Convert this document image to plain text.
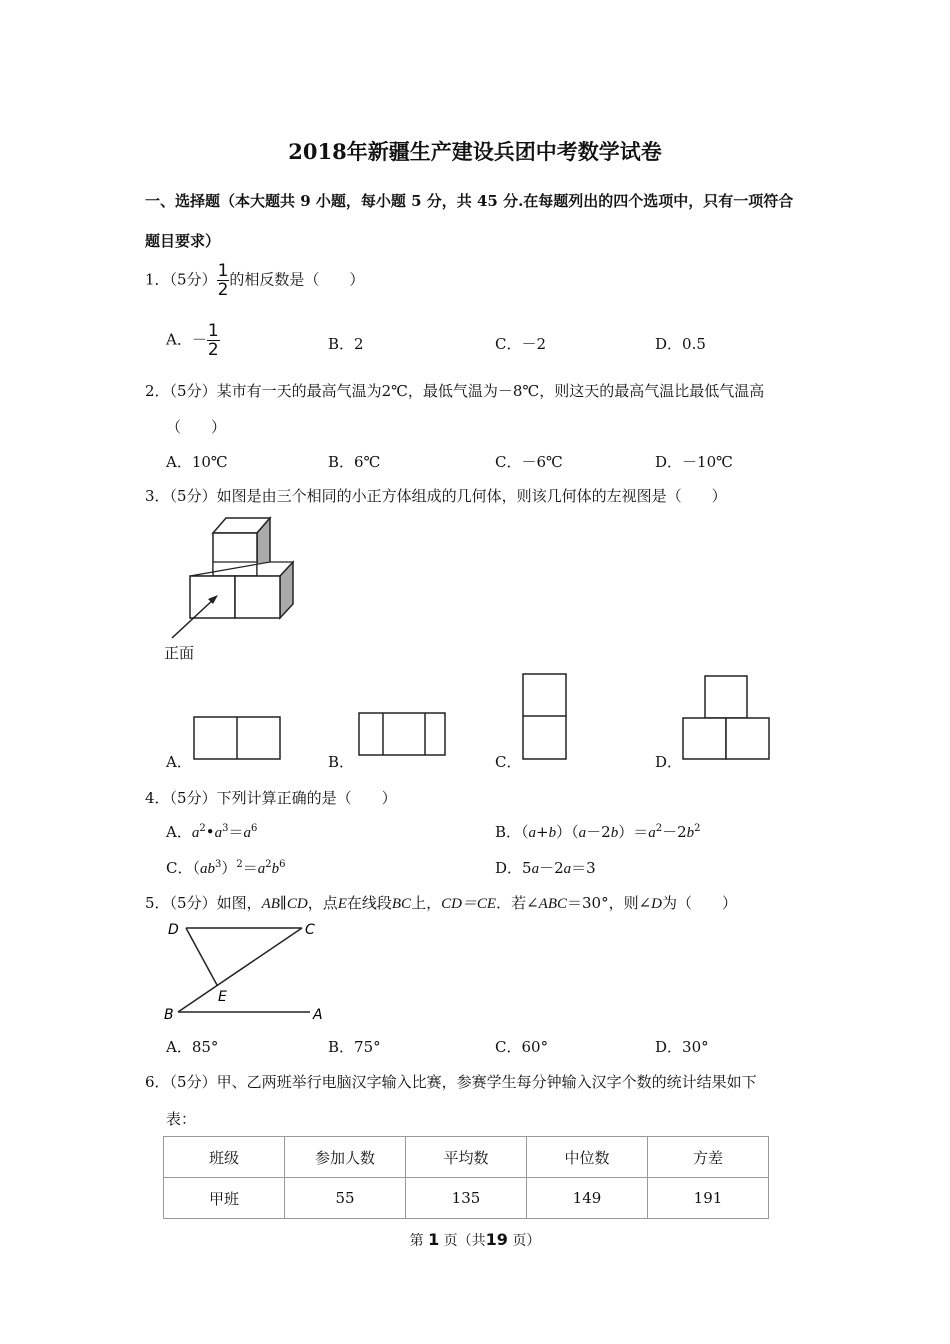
2018年新疆生产建设兵团中考数学试卷
一、选择题（本大题共 9 小题，每小题 5 分，共 45 分.在每题列出的四个选项中，只有一项符合
题目要求）
1．（5分） $\frac{1}{2}$ 的相反数是（　　）
A．－ $\frac{1}{2}$	B．2	C．－2	D．0.5
2．（5分）某市有一天的最高气温为2℃，最低气温为－8℃，则这天的最高气温比最低气温高
（　　）
A．10℃	B．6℃	C．－6℃	D．－10℃
3．（5分）如图是由三个相同的小正方体组成的几何体，则该几何体的左视图是（　　）
正面
A．	B．	C．	D．
4．（5分）下列计算正确的是（　　）
A．$a^2•a^3=a^6$	B．$(a+b)(a-2b)=a^2-2b^2$
C．$(ab^3)^2=a^2b^6$	D．5a－2a＝3
5．（5分）如图，AB∥CD，点E在线段BC上，CD＝CE．若∠ABC＝30°，则∠D为（　　）
D	C
E
B	A
A．85°	B．75°	C．60°	D．30°
6．（5分）甲、乙两班举行电脑汉字输入比赛，参赛学生每分钟输入汉字个数的统计结果如下
表：
班级	参加人数	平均数	中位数	方差
甲班	55	135	149	191
第 1 页（共19 页）
